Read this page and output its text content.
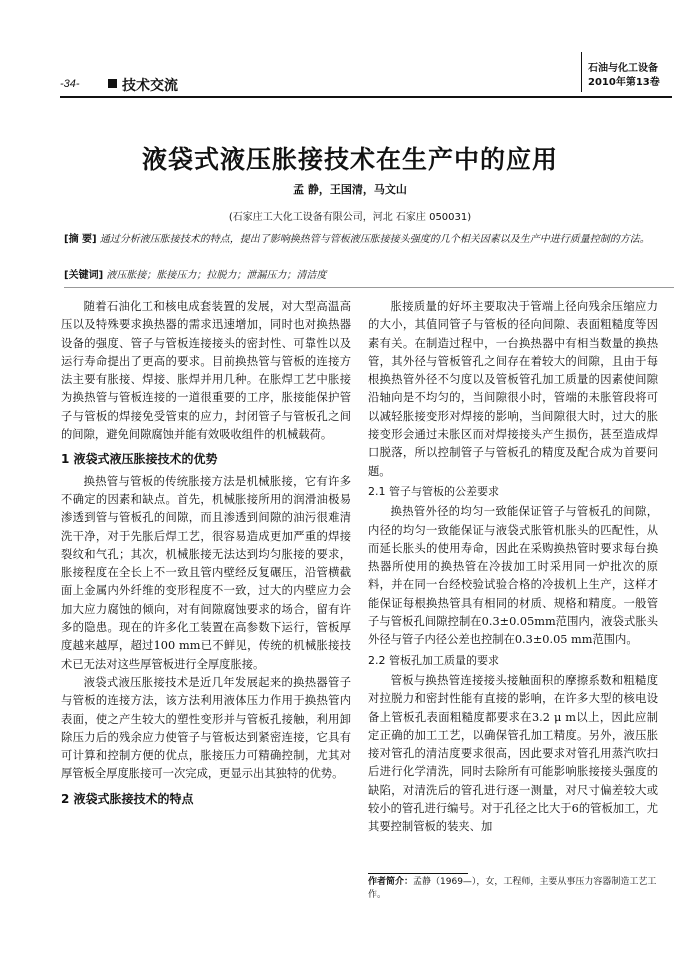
-34-	技术交流
石油与化工设备
2010年第13卷
液袋式液压胀接技术在生产中的应用
孟 静，王国清，马文山
(石家庄工大化工设备有限公司，河北 石家庄 050031)
[摘 要] 通过分析液压胀接技术的特点，提出了影响换热管与管板液压胀接接头强度的几个相关因素以及生产中进行质量控制的方法。
[关键词] 液压胀接；胀接压力；拉脱力；泄漏压力；清洁度

随着石油化工和核电成套装置的发展，对大型高温高压以及特殊要求换热器的需求迅速增加，同时也对换热器设备的强度、管子与管板连接接头的密封性、可靠性以及运行寿命提出了更高的要求。目前换热管与管板的连接方法主要有胀接、焊接、胀焊并用几种。在胀焊工艺中胀接为换热管与管板连接的一道很重要的工序，胀接能保护管子与管板的焊接免受管束的应力，封闭管子与管板孔之间的间隙，避免间隙腐蚀并能有效吸收组件的机械载荷。

1 液袋式液压胀接技术的优势

换热管与管板的传统胀接方法是机械胀接，它有许多不确定的因素和缺点。首先，机械胀接所用的润滑油极易渗透到管与管板孔的间隙，而且渗透到间隙的油污很难清洗干净，对于先胀后焊工艺，很容易造成更加严重的焊接裂纹和气孔；其次，机械胀接无法达到均匀胀接的要求，胀接程度在全长上不一致且管内壁经反复碾压，沿管横截面上金属内外纤维的变形程度不一致，过大的内壁应力会加大应力腐蚀的倾向，对有间隙腐蚀要求的场合，留有许多的隐患。现在的许多化工装置在高参数下运行，管板厚度越来越厚，超过100 mm已不鲜见，传统的机械胀接技术已无法对这些厚管板进行全厚度胀接。

液袋式液压胀接技术是近几年发展起来的换热器管子与管板的连接方法，该方法利用液体压力作用于换热管内表面，使之产生较大的塑性变形并与管板孔接触，利用卸除压力后的残余应力使管子与管板达到紧密连接，它具有可计算和控制方便的优点，胀接压力可精确控制，尤其对厚管板全厚度胀接可一次完成，更显示出其独特的优势。

2 液袋式胀接技术的特点

胀接质量的好坏主要取决于管端上径向残余压缩应力的大小，其值同管子与管板的径向间隙、表面粗糙度等因素有关。在制造过程中，一台换热器中有相当数量的换热管，其外径与管板管孔之间存在着较大的间隙，且由于每根换热管外径不匀度以及管板管孔加工质量的因素使间隙沿轴向是不均匀的，当间隙很小时，管端的未胀管段将可以减轻胀接变形对焊接的影响，当间隙很大时，过大的胀接变形会通过未胀区而对焊接接头产生损伤，甚至造成焊口脱落，所以控制管子与管板孔的精度及配合成为首要问题。

2.1 管子与管板的公差要求

换热管外径的均匀一致能保证管子与管板孔的间隙，内径的均匀一致能保证与液袋式胀管机胀头的匹配性，从而延长胀头的使用寿命，因此在采购换热管时要求每台换热器所使用的换热管在冷拔加工时采用同一炉批次的原料，并在同一台经校验试验合格的冷拔机上生产，这样才能保证每根换热管具有相同的材质、规格和精度。一般管子与管板孔间隙控制在0.3±0.05mm范围内，液袋式胀头外径与管子内径公差也控制在0.3±0.05 mm范围内。

2.2 管板孔加工质量的要求

管板与换热管连接接头接触面积的摩擦系数和粗糙度对拉脱力和密封性能有直接的影响，在许多大型的核电设备上管板孔表面粗糙度都要求在3.2 μ m以上，因此应制定正确的加工工艺，以确保管孔加工精度。另外，液压胀接对管孔的清洁度要求很高，因此要求对管孔用蒸汽吹扫后进行化学清洗，同时去除所有可能影响胀接接头强度的缺陷，对清洗后的管孔进行逐一测量，对尺寸偏差较大或较小的管孔进行编号。对于孔径之比大于6的管板加工，尤其要控制管板的装夹、加

作者简介：孟静（1969—），女，工程师，主要从事压力容器制造工艺工作。
